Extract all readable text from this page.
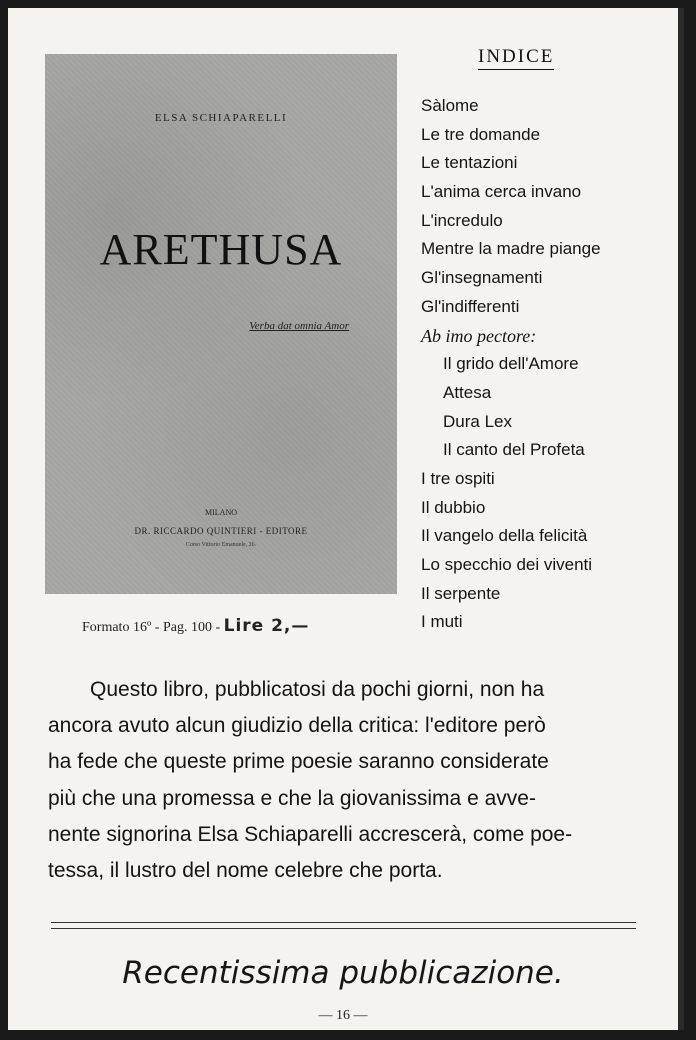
ELSA SCHIAPARELLI
ARETHUSA
Verba dat omnia Amor
MILANO
DR. RICCARDO QUINTIERI - EDITORE
Corso Vittorio Emanuele, 26.
Formato 16º - Pag. 100 - Lire 2,—
INDICE
Sàlome
Le tre domande
Le tentazioni
L'anima cerca invano
L'incredulo
Mentre la madre piange
Gl'insegnamenti
Gl'indifferenti
Ab imo pectore:
Il grido dell'Amore
Attesa
Dura Lex
Il canto del Profeta
I tre ospiti
Il dubbio
Il vangelo della felicità
Lo specchio dei viventi
Il serpente
I muti
Questo libro, pubblicatosi da pochi giorni, non ha
ancora avuto alcun giudizio della critica: l'editore però
ha fede che queste prime poesie saranno considerate
più che una promessa e che la giovanissima e avve-
nente signorina Elsa Schiaparelli accrescerà, come poe-
tessa, il lustro del nome celebre che porta.
Recentissima pubblicazione.
— 16 —
